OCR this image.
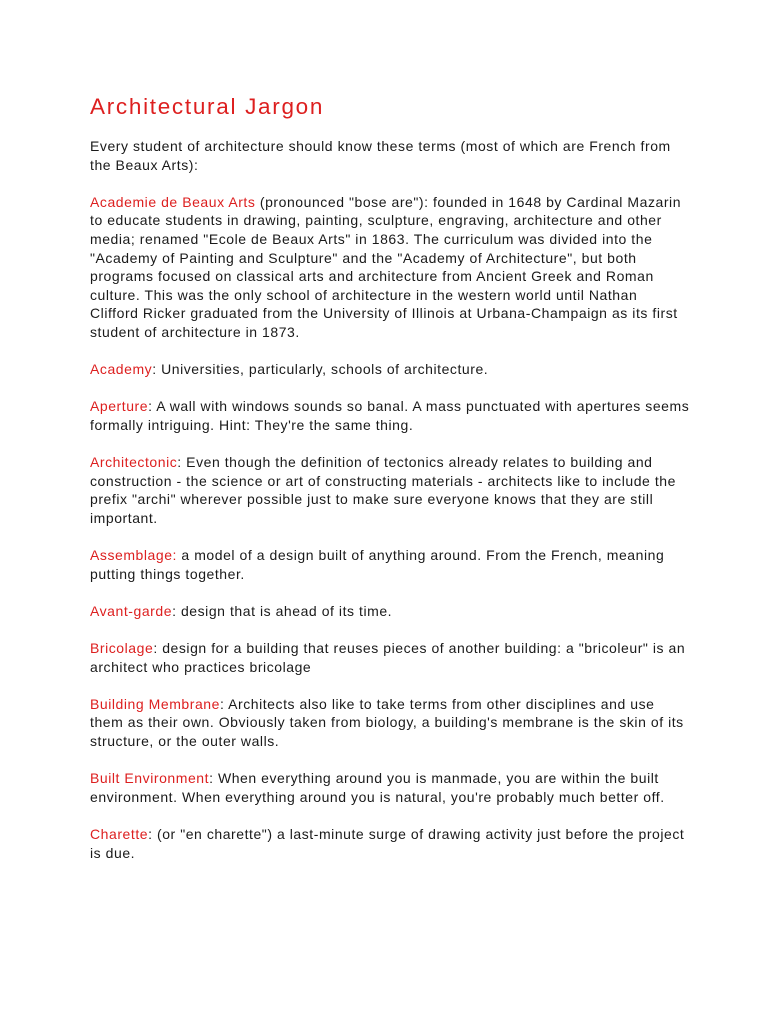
Architectural Jargon

Every student of architecture should know these terms (most of which are French from the Beaux Arts):

Academie de Beaux Arts (pronounced "bose are"): founded in 1648 by Cardinal Mazarin to educate students in drawing, painting, sculpture, engraving, architecture and other media; renamed "Ecole de Beaux Arts" in 1863. The curriculum was divided into the "Academy of Painting and Sculpture" and the "Academy of Architecture", but both programs focused on classical arts and architecture from Ancient Greek and Roman culture. This was the only school of architecture in the western world until Nathan Clifford Ricker graduated from the University of Illinois at Urbana-Champaign as its first student of architecture in 1873.

Academy: Universities, particularly, schools of architecture.

Aperture: A wall with windows sounds so banal. A mass punctuated with apertures seems formally intriguing. Hint: They're the same thing.

Architectonic: Even though the definition of tectonics already relates to building and construction - the science or art of constructing materials - architects like to include the prefix "archi" wherever possible just to make sure everyone knows that they are still important.

Assemblage: a model of a design built of anything around. From the French, meaning putting things together.

Avant-garde: design that is ahead of its time.

Bricolage: design for a building that reuses pieces of another building: a "bricoleur" is an architect who practices bricolage

Building Membrane: Architects also like to take terms from other disciplines and use them as their own. Obviously taken from biology, a building's membrane is the skin of its structure, or the outer walls.

Built Environment: When everything around you is manmade, you are within the built environment. When everything around you is natural, you're probably much better off.

Charette: (or "en charette") a last-minute surge of drawing activity just before the project is due.
